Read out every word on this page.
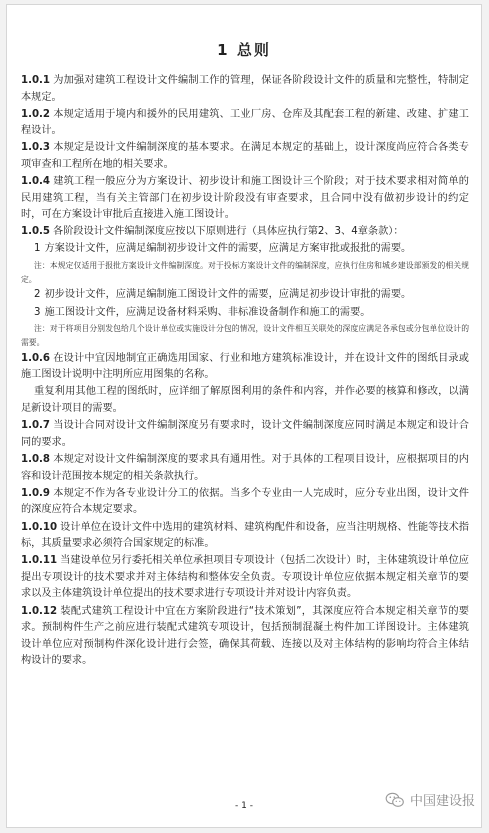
1 总则
1.0.1 为加强对建筑工程设计文件编制工作的管理，保证各阶段设计文件的质量和完整性，特制定本规定。
1.0.2 本规定适用于境内和援外的民用建筑、工业厂房、仓库及其配套工程的新建、改建、扩建工程设计。
1.0.3 本规定是设计文件编制深度的基本要求。在满足本规定的基础上，设计深度尚应符合各类专项审查和工程所在地的相关要求。
1.0.4 建筑工程一般应分为方案设计、初步设计和施工图设计三个阶段；对于技术要求相对简单的民用建筑工程，当有关主管部门在初步设计阶段没有审查要求，且合同中没有做初步设计的约定时，可在方案设计审批后直接进入施工图设计。
1.0.5 各阶段设计文件编制深度应按以下原则进行（具体应执行第2、3、4章条款）：
1 方案设计文件，应满足编制初步设计文件的需要，应满足方案审批或报批的需要。
注：本规定仅适用于报批方案设计文件编制深度。对于投标方案设计文件的编制深度，应执行住房和城乡建设部颁发的相关规定。
2 初步设计文件，应满足编制施工图设计文件的需要，应满足初步设计审批的需要。
3 施工图设计文件，应满足设备材料采购、非标准设备制作和施工的需要。
注：对于将项目分别发包给几个设计单位或实施设计分包的情况，设计文件相互关联处的深度应满足各承包或分包单位设计的需要。
1.0.6 在设计中宜因地制宜正确选用国家、行业和地方建筑标准设计，并在设计文件的图纸目录或施工图设计说明中注明所应用图集的名称。
重复利用其他工程的图纸时，应详细了解原图利用的条件和内容，并作必要的核算和修改，以满足新设计项目的需要。
1.0.7 当设计合同对设计文件编制深度另有要求时，设计文件编制深度应同时满足本规定和设计合同的要求。
1.0.8 本规定对设计文件编制深度的要求具有通用性。对于具体的工程项目设计，应根据项目的内容和设计范围按本规定的相关条款执行。
1.0.9 本规定不作为各专业设计分工的依据。当多个专业由一人完成时，应分专业出图，设计文件的深度应符合本规定要求。
1.0.10 设计单位在设计文件中选用的建筑材料、建筑构配件和设备，应当注明规格、性能等技术指标，其质量要求必须符合国家规定的标准。
1.0.11 当建设单位另行委托相关单位承担项目专项设计（包括二次设计）时，主体建筑设计单位应提出专项设计的技术要求并对主体结构和整体安全负责。专项设计单位应依据本规定相关章节的要求以及主体建筑设计单位提出的技术要求进行专项设计并对设计内容负责。
1.0.12 装配式建筑工程设计中宜在方案阶段进行“技术策划”，其深度应符合本规定相关章节的要求。预制构件生产之前应进行装配式建筑专项设计，包括预制混凝土构件加工详图设计。主体建筑设计单位应对预制构件深化设计进行会签，确保其荷载、连接以及对主体结构的影响均符合主体结构设计的要求。
- 1 -	中国建设报
